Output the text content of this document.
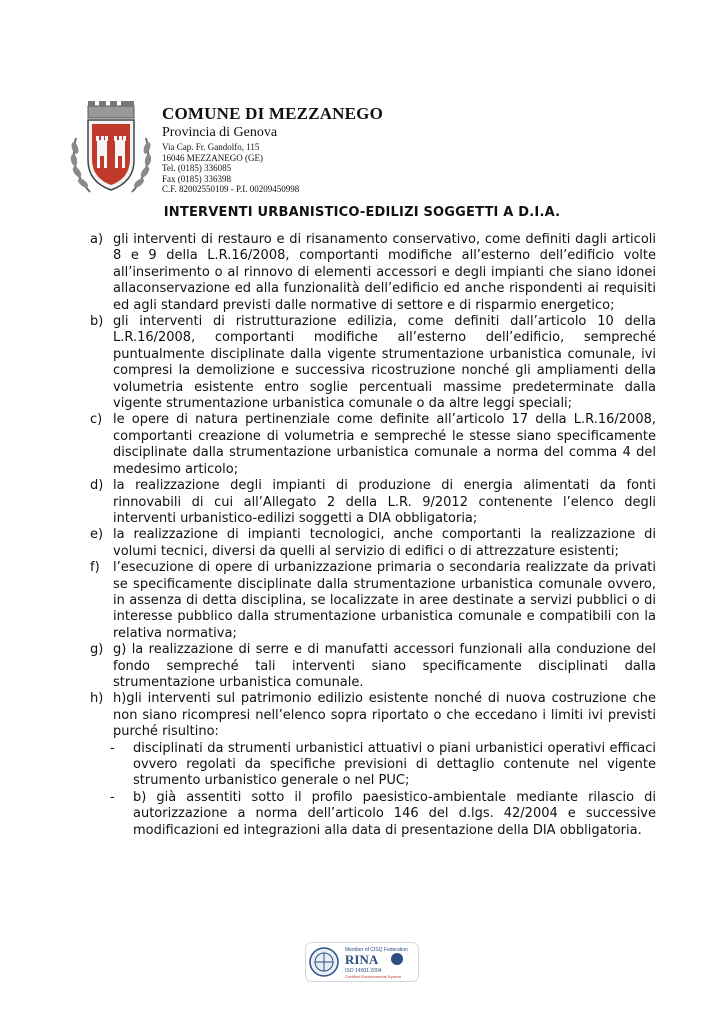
COMUNE DI MEZZANEGO
Provincia di Genova
Via Cap. Fr. Gandolfo, 115
16046 MEZZANEGO (GE)
Tel. (0185) 336085
Fax (0185) 336398
C.F. 82002550109 - P.I. 00209450998
INTERVENTI URBANISTICO-EDILIZI SOGGETTI A D.I.A.

a) gli interventi di restauro e di risanamento conservativo, come definiti dagli articoli 8 e 9 della L.R.16/2008, comportanti modifiche all’esterno dell’edificio volte all’inserimento o al rinnovo di elementi accessori e degli impianti che siano idonei allaconservazione ed alla funzionalità dell’edificio ed anche rispondenti ai requisiti ed agli standard previsti dalle normative di settore e di risparmio energetico;

b) gli interventi di ristrutturazione edilizia, come definiti dall’articolo 10 della L.R.16/2008, comportanti modifiche all’esterno dell’edificio, sempreché puntualmente disciplinate dalla vigente strumentazione urbanistica comunale, ivi compresi la demolizione e successiva ricostruzione nonché gli ampliamenti della volumetria esistente entro soglie percentuali massime predeterminate dalla vigente strumentazione urbanistica comunale o da altre leggi speciali;

c) le opere di natura pertinenziale come definite all’articolo 17 della L.R.16/2008, comportanti creazione di volumetria e sempreché le stesse siano specificamente disciplinate dalla strumentazione urbanistica comunale a norma del comma 4 del medesimo articolo;

d) la realizzazione degli impianti di produzione di energia alimentati da fonti rinnovabili di cui all’Allegato 2 della L.R. 9/2012 contenente l’elenco degli interventi urbanistico-edilizi soggetti a DIA obbligatoria;

e) la realizzazione di impianti tecnologici, anche comportanti la realizzazione di volumi tecnici, diversi da quelli al servizio di edifici o di attrezzature esistenti;

f) l’esecuzione di opere di urbanizzazione primaria o secondaria realizzate da privati se specificamente disciplinate dalla strumentazione urbanistica comunale ovvero, in assenza di detta disciplina, se localizzate in aree destinate a servizi pubblici o di interesse pubblico dalla strumentazione urbanistica comunale e compatibili con la relativa normativa;

g) g) la realizzazione di serre e di manufatti accessori funzionali alla conduzione del fondo sempreché tali interventi siano specificamente disciplinati dalla strumentazione urbanistica comunale.

h) h)gli interventi sul patrimonio edilizio esistente nonché di nuova costruzione che non siano ricompresi nell’elenco sopra riportato o che eccedano i limiti ivi previsti purché risultino:

- disciplinati da strumenti urbanistici attuativi o piani urbanistici operativi efficaci ovvero regolati da specifiche previsioni di dettaglio contenute nel vigente strumento urbanistico generale o nel PUC;

- b) già assentiti sotto il profilo paesistico-ambientale mediante rilascio di autorizzazione a norma dell’articolo 146 del d.lgs. 42/2004 e successive modificazioni ed integrazioni alla data di presentazione della DIA obbligatoria.

Member of CISQ Federation
RINA
ISO 14001:2004
Certified Environmental System
